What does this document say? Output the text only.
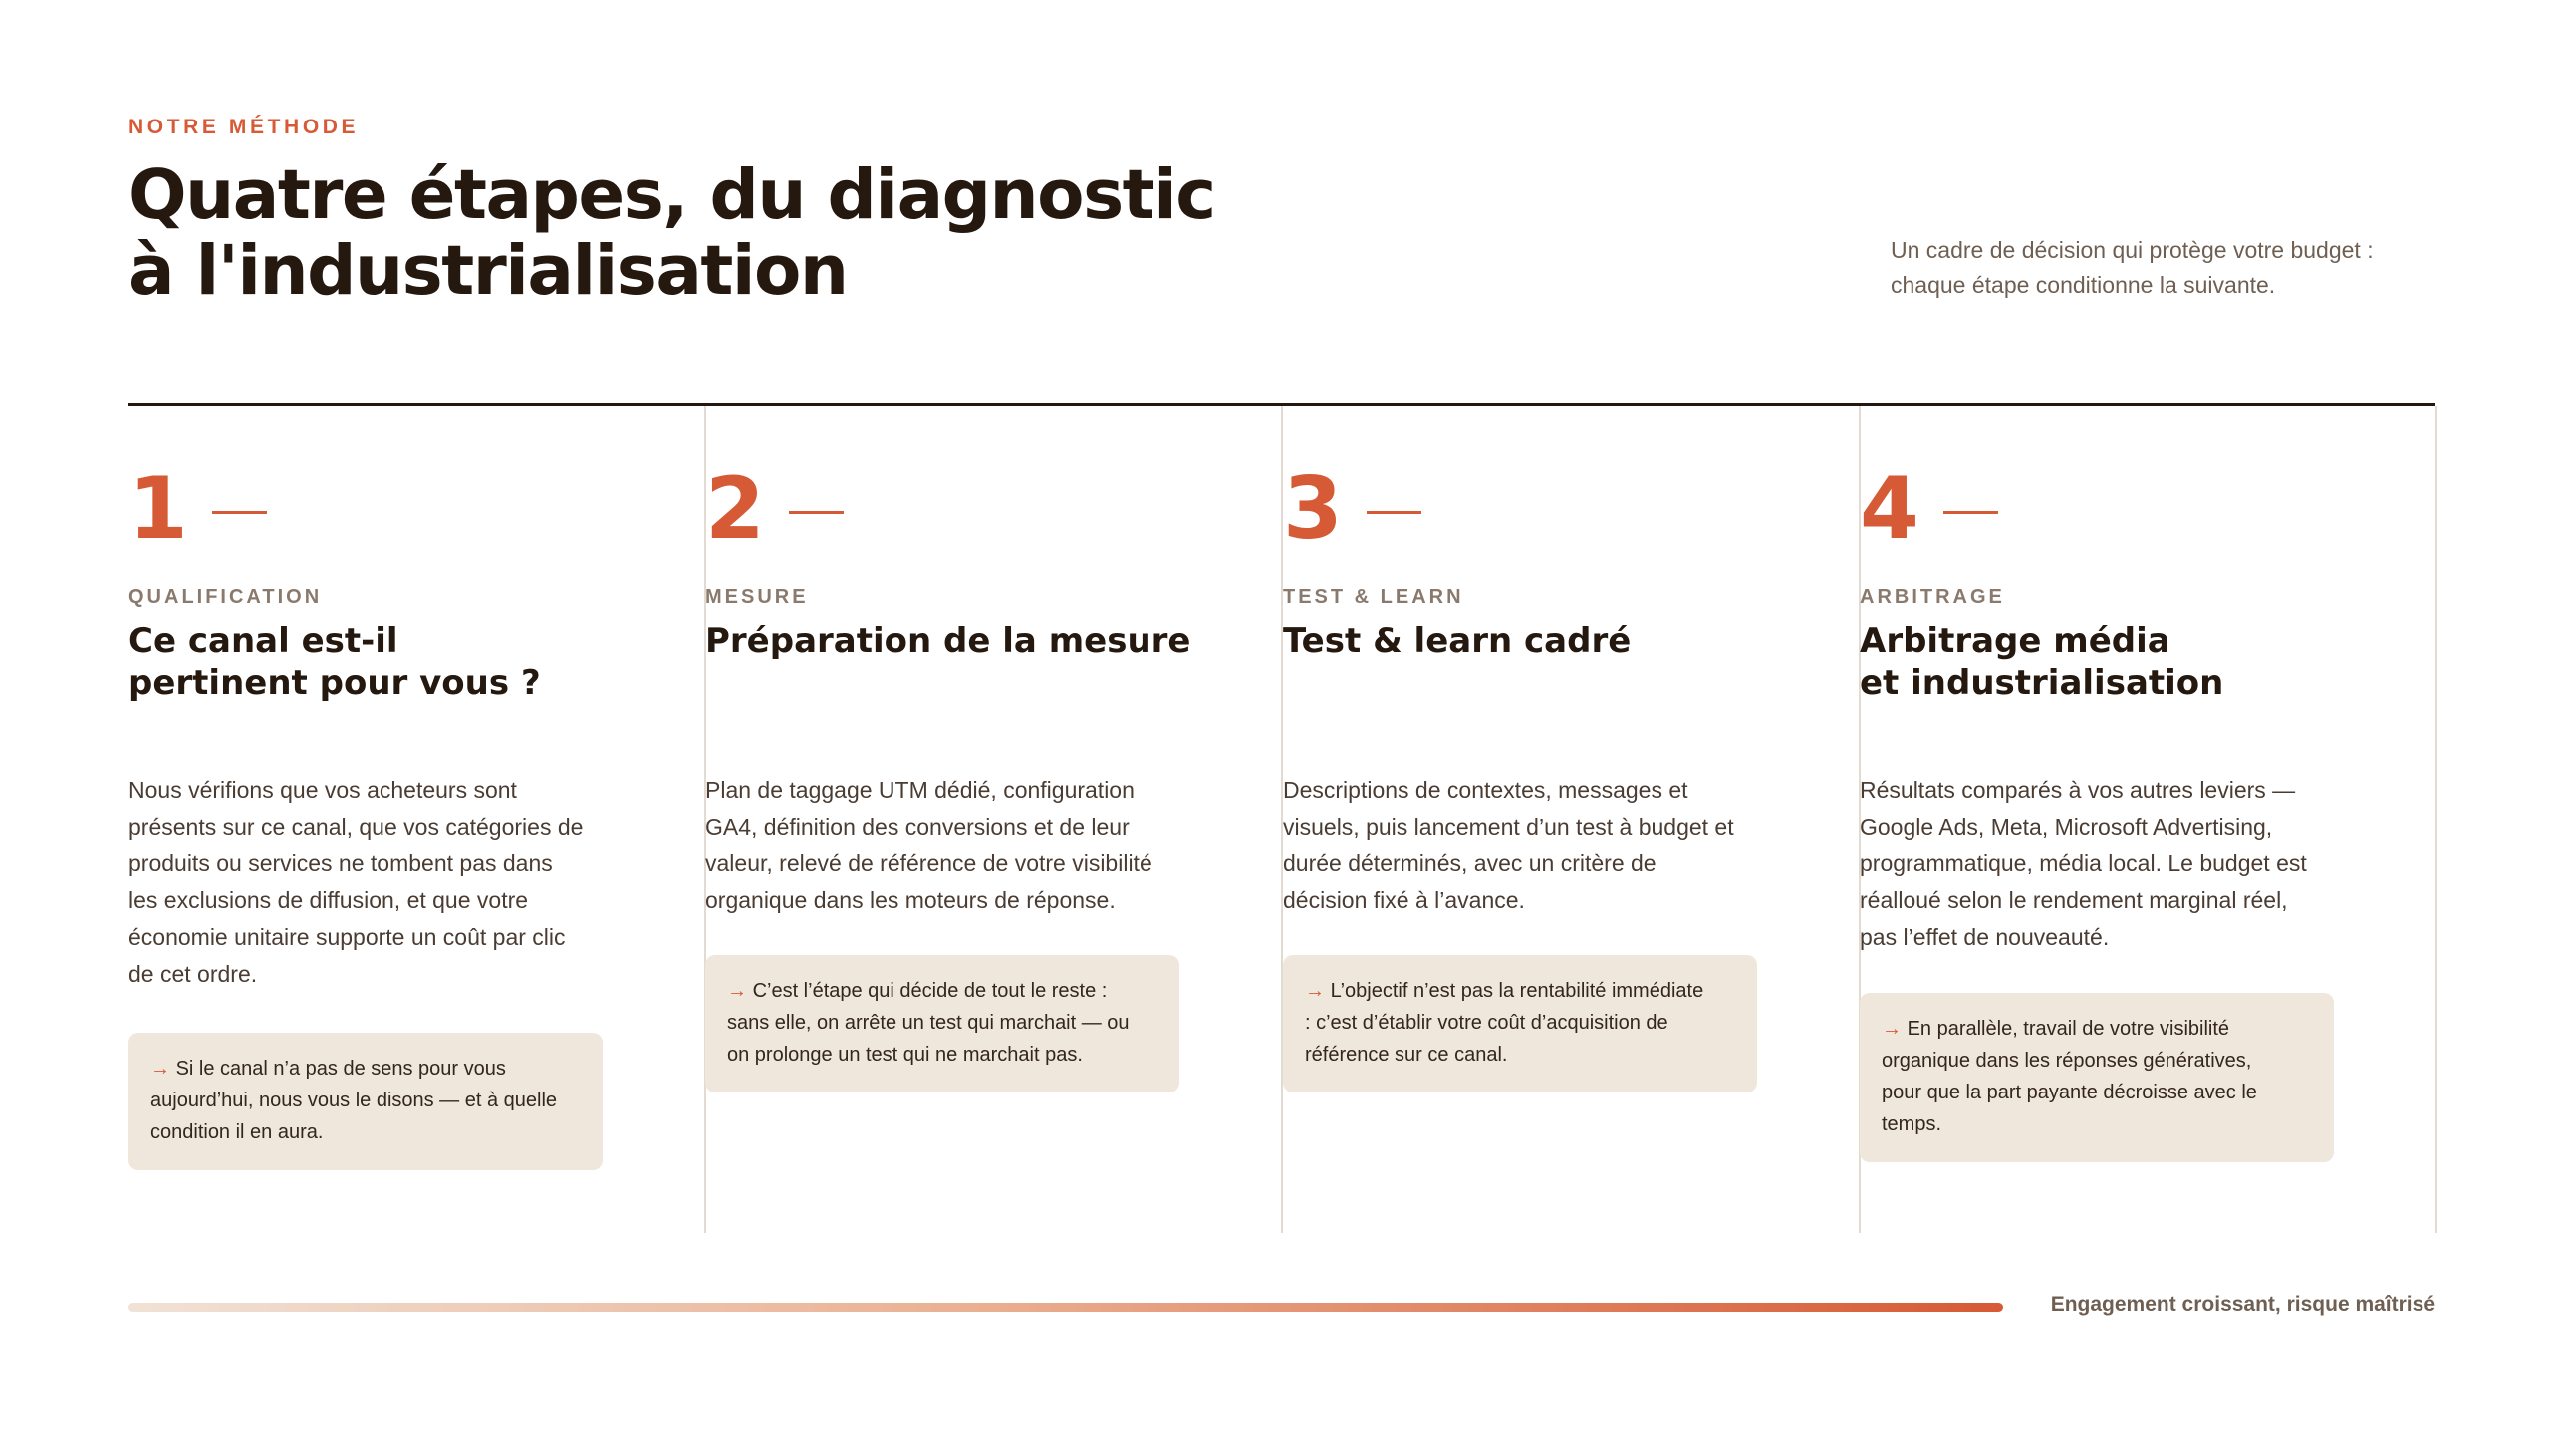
NOTRE MÉTHODE
Quatre étapes, du diagnostic
à l'industrialisation	Un cadre de décision qui protège votre budget :
chaque étape conditionne la suivante.
1
QUALIFICATION
Ce canal est-il
pertinent pour vous ?
Nous vérifions que vos acheteurs sont
présents sur ce canal, que vos catégories de
produits ou services ne tombent pas dans
les exclusions de diffusion, et que votre
économie unitaire supporte un coût par clic
de cet ordre.
→ Si le canal n’a pas de sens pour vous
aujourd’hui, nous vous le disons — et à quelle
condition il en aura.
2
MESURE
Préparation de la mesure
Plan de taggage UTM dédié, configuration
GA4, définition des conversions et de leur
valeur, relevé de référence de votre visibilité
organique dans les moteurs de réponse.
→ C’est l’étape qui décide de tout le reste :
sans elle, on arrête un test qui marchait — ou
on prolonge un test qui ne marchait pas.
3
TEST & LEARN
Test & learn cadré
Descriptions de contextes, messages et
visuels, puis lancement d’un test à budget et
durée déterminés, avec un critère de
décision fixé à l’avance.
→ L’objectif n’est pas la rentabilité immédiate
: c’est d’établir votre coût d’acquisition de
référence sur ce canal.
4
ARBITRAGE
Arbitrage média
et industrialisation
Résultats comparés à vos autres leviers —
Google Ads, Meta, Microsoft Advertising,
programmatique, média local. Le budget est
réalloué selon le rendement marginal réel,
pas l’effet de nouveauté.
→ En parallèle, travail de votre visibilité
organique dans les réponses génératives,
pour que la part payante décroisse avec le
temps.
Engagement croissant, risque maîtrisé
